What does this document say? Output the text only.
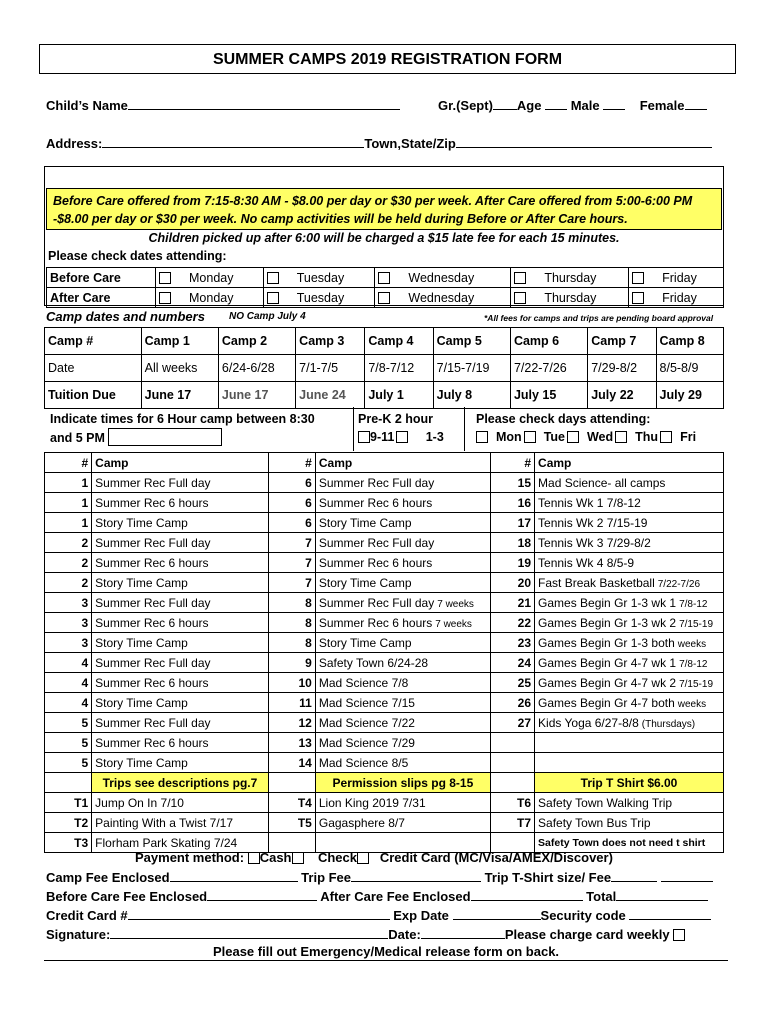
SUMMER CAMPS 2019 REGISTRATION FORM
Child’s Name	Gr.(Sept) Age Male	Female
Address:	Town,State/Zip
Before Care offered from 7:15-8:30 AM - $8.00 per day or $30 per week. After Care offered from 5:00-6:00 PM -$8.00 per day or $30 per week. No camp activities will be held during Before or After Care hours.
Children picked up after 6:00 will be charged a $15 late fee for each 15 minutes.
Please check dates attending:
Before Care	Monday	Tuesday	Wednesday	Thursday	Friday
After Care	Monday	Tuesday	Wednesday	Thursday	Friday
Camp dates and numbers NO Camp July 4	*All fees for camps and trips are pending board approval
Camp #	Camp 1	Camp 2	Camp 3	Camp 4	Camp 5	Camp 6	Camp 7	Camp 8
Date	All weeks	6/24-6/28	7/1-7/5	7/8-7/12	7/15-7/19	7/22-7/26	7/29-8/2	8/5-8/9
Tuition Due	June 17	June 17	June 24	July 1	July 8	July 15	July 22	July 29
Indicate times for 6 Hour camp between 8:30
and 5 PM
Pre-K 2 hour
9-11	1-3
Please check days attending:
Mon Tue Wed Thu Fri
#	Camp	#	Camp	#	Camp
1	Summer Rec Full day	6	Summer Rec Full day	15	Mad Science- all camps
1	Summer Rec 6 hours	6	Summer Rec 6 hours	16	Tennis Wk 1 7/8-12
1	Story Time Camp	6	Story Time Camp	17	Tennis Wk 2 7/15-19
2	Summer Rec Full day	7	Summer Rec Full day	18	Tennis Wk 3 7/29-8/2
2	Summer Rec 6 hours	7	Summer Rec 6 hours	19	Tennis Wk 4 8/5-9
2	Story Time Camp	7	Story Time Camp	20	Fast Break Basketball 7/22-7/26
3	Summer Rec Full day	8	Summer Rec Full day 7 weeks	21	Games Begin Gr 1-3 wk 1 7/8-12
3	Summer Rec 6 hours	8	Summer Rec 6 hours 7 weeks	22	Games Begin Gr 1-3 wk 2 7/15-19
3	Story Time Camp	8	Story Time Camp	23	Games Begin Gr 1-3 both weeks
4	Summer Rec Full day	9	Safety Town 6/24-28	24	Games Begin Gr 4-7 wk 1 7/8-12
4	Summer Rec 6 hours	10	Mad Science 7/8	25	Games Begin Gr 4-7 wk 2 7/15-19
4	Story Time Camp	11	Mad Science 7/15	26	Games Begin Gr 4-7 both weeks
5	Summer Rec Full day	12	Mad Science 7/22	27	Kids Yoga 6/27-8/8 (Thursdays)
5	Summer Rec 6 hours	13	Mad Science 7/29		
5	Story Time Camp	14	Mad Science 8/5		
	Trips see descriptions pg.7		Permission slips pg 8-15		Trip T Shirt $6.00
T1	Jump On In 7/10	T4	Lion King 2019 7/31	T6	Safety Town Walking Trip
T2	Painting With a Twist 7/17	T5	Gagasphere 8/7	T7	Safety Town Bus Trip
T3	Florham Park Skating 7/24				Safety Town does not need t shirt
Payment method: Cash Check Credit Card (MC/Visa/AMEX/Discover)
Camp Fee Enclosed	Trip Fee	Trip T-Shirt size/ Fee
Before Care Fee Enclosed	After Care Fee Enclosed	Total
Credit Card #	Exp Date	Security code
Signature:	Date:	Please charge card weekly
Please fill out Emergency/Medical release form on back.
